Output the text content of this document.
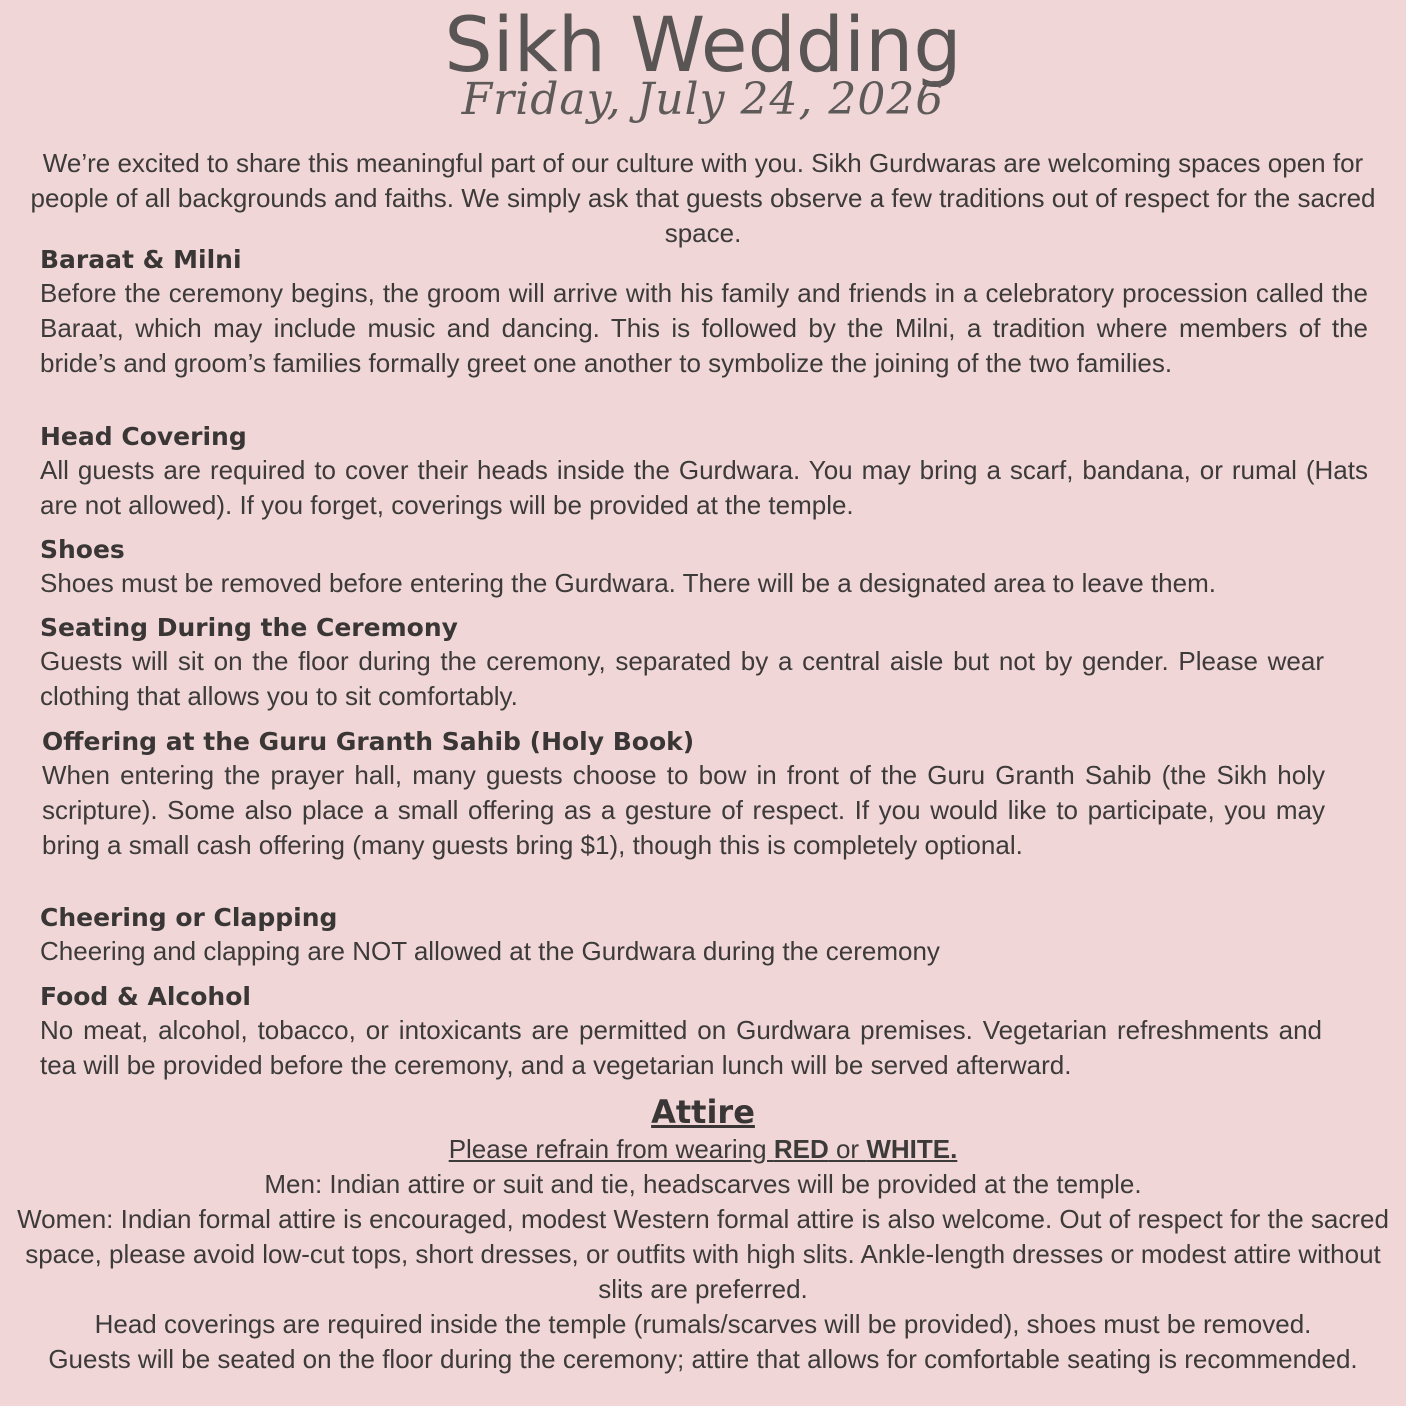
Sikh Wedding
Friday, July 24, 2026
We’re excited to share this meaningful part of our culture with you. Sikh Gurdwaras are welcoming spaces open for people of all backgrounds and faiths. We simply ask that guests observe a few traditions out of respect for the sacred space.
Baraat & Milni

Before the ceremony begins, the groom will arrive with his family and friends in a celebratory procession called the Baraat, which may include music and dancing. This is followed by the Milni, a tradition where members of the bride’s and groom’s families formally greet one another to symbolize the joining of the two families.

Head Covering

All guests are required to cover their heads inside the Gurdwara. You may bring a scarf, bandana, or rumal (Hats are not allowed). If you forget, coverings will be provided at the temple.

Shoes

Shoes must be removed before entering the Gurdwara. There will be a designated area to leave them.

Seating During the Ceremony

Guests will sit on the floor during the ceremony, separated by a central aisle but not by gender. Please wear clothing that allows you to sit comfortably.

Offering at the Guru Granth Sahib (Holy Book)

When entering the prayer hall, many guests choose to bow in front of the Guru Granth Sahib (the Sikh holy scripture). Some also place a small offering as a gesture of respect. If you would like to participate, you may bring a small cash offering (many guests bring $1), though this is completely optional.

Cheering or Clapping

Cheering and clapping are NOT allowed at the Gurdwara during the ceremony

Food & Alcohol

No meat, alcohol, tobacco, or intoxicants are permitted on Gurdwara premises. Vegetarian refreshments and tea will be provided before the ceremony, and a vegetarian lunch will be served afterward.

Attire
Please refrain from wearing RED or WHITE.
Men: Indian attire or suit and tie, headscarves will be provided at the temple.
Women: Indian formal attire is encouraged, modest Western formal attire is also welcome. Out of respect for the sacred space, please avoid low-cut tops, short dresses, or outfits with high slits. Ankle-length dresses or modest attire without slits are preferred.
Head coverings are required inside the temple (rumals/scarves will be provided), shoes must be removed.
Guests will be seated on the floor during the ceremony; attire that allows for comfortable seating is recommended.
